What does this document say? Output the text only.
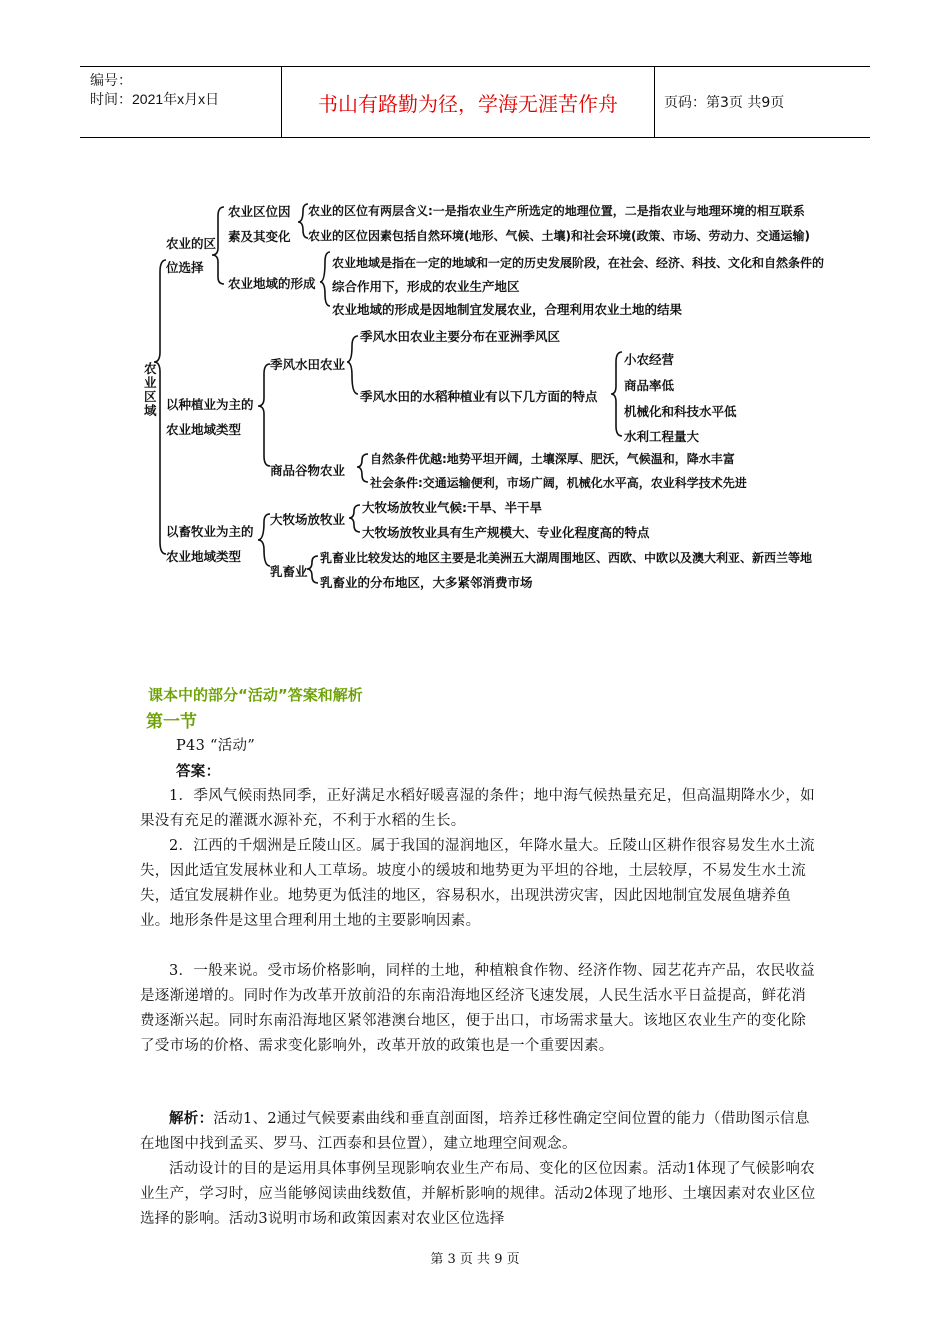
编号：
时间：2021年x月x日	书山有路勤为径，学海无涯苦作舟	页码：第3页 共9页
农业区域
农业的区
位选择
农业区位因
素及其变化
农业的区位有两层含义:一是指农业生产所选定的地理位置，二是指农业与地理环境的相互联系
农业的区位因素包括自然环境(地形、气候、土壤)和社会环境(政策、市场、劳动力、交通运输)
农业地域的形成
农业地域是指在一定的地域和一定的历史发展阶段，在社会、经济、科技、文化和自然条件的
综合作用下，形成的农业生产地区
农业地域的形成是因地制宜发展农业，合理利用农业土地的结果
以种植业为主的
农业地域类型
季风水田农业
季风水田农业主要分布在亚洲季风区
季风水田的水稻种植业有以下几方面的特点
小农经营
商品率低
机械化和科技水平低
水利工程量大
商品谷物农业
自然条件优越:地势平坦开阔，土壤深厚、肥沃，气候温和，降水丰富
社会条件:交通运输便利，市场广阔，机械化水平高，农业科学技术先进
以畜牧业为主的
农业地域类型
大牧场放牧业
大牧场放牧业气候:干旱、半干旱
大牧场放牧业具有生产规模大、专业化程度高的特点
乳畜业
乳畜业比较发达的地区主要是北美洲五大湖周围地区、西欧、中欧以及澳大利亚、新西兰等地
乳畜业的分布地区，大多紧邻消费市场
课本中的部分“活动”答案和解析
第一节
P43 “活动”
答案：

1．季风气候雨热同季，正好满足水稻好暖喜湿的条件；地中海气候热量充足，但高温期降水少，如果没有充足的灌溉水源补充，不利于水稻的生长。

2．江西的千烟洲是丘陵山区。属于我国的湿润地区，年降水量大。丘陵山区耕作很容易发生水土流失，因此适宜发展林业和人工草场。坡度小的缓坡和地势更为平坦的谷地，土层较厚，不易发生水土流失，适宜发展耕作业。地势更为低洼的地区，容易积水，出现洪涝灾害，因此因地制宜发展鱼塘养鱼业。地形条件是这里合理利用土地的主要影响因素。

3．一般来说。受市场价格影响，同样的土地，种植粮食作物、经济作物、园艺花卉产品，农民收益是逐渐递增的。同时作为改革开放前沿的东南沿海地区经济飞速发展，人民生活水平日益提高，鲜花消费逐渐兴起。同时东南沿海地区紧邻港澳台地区，便于出口，市场需求量大。该地区农业生产的变化除了受市场的价格、需求变化影响外，改革开放的政策也是一个重要因素。

解析：活动1、2通过气候要素曲线和垂直剖面图，培养迁移性确定空间位置的能力（借助图示信息在地图中找到孟买、罗马、江西泰和县位置），建立地理空间观念。

活动设计的目的是运用具体事例呈现影响农业生产布局、变化的区位因素。活动1体现了气候影响农业生产，学习时，应当能够阅读曲线数值，并解析影响的规律。活动2体现了地形、土壤因素对农业区位选择的影响。活动3说明市场和政策因素对农业区位选择

第 3 页 共 9 页
